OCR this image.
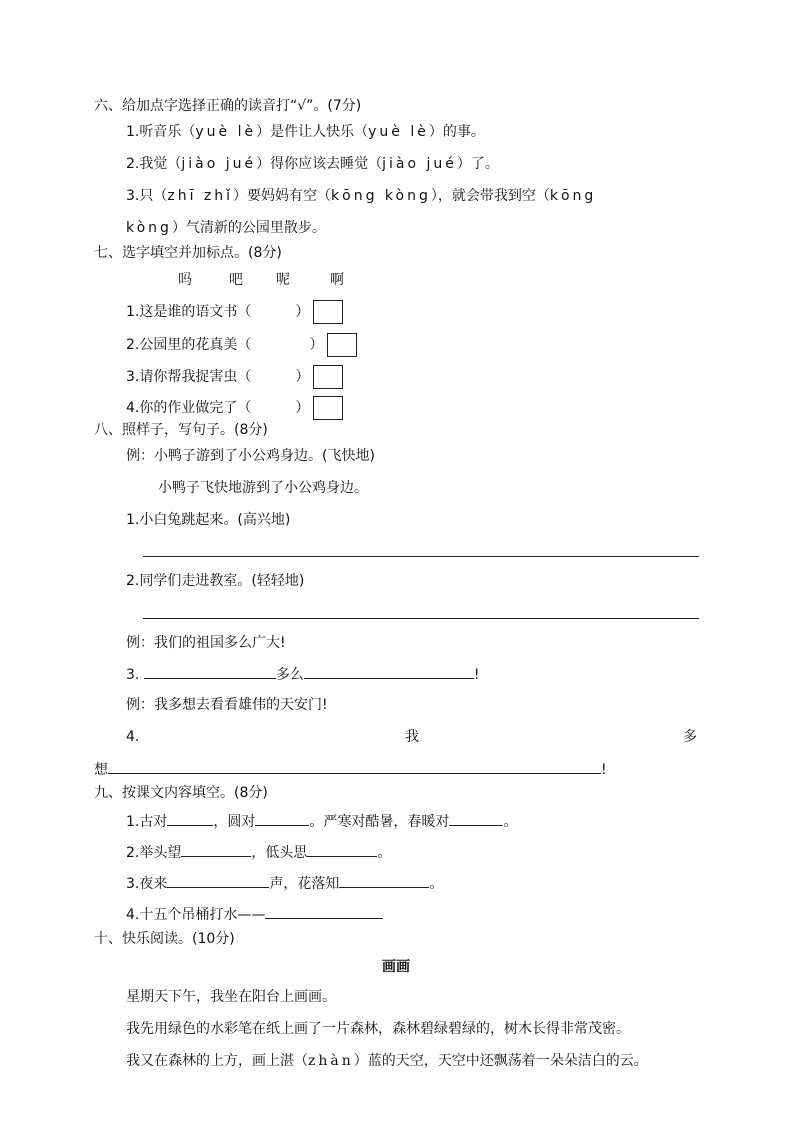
六、给加点字选择正确的读音打“√”。(7分)
1.听音乐（yuè lè）是件让人快乐（yuè lè）的事。
2.我觉（jiào jué）得你应该去睡觉（jiào jué）了。
3.只（zhī zhǐ）要妈妈有空（kōng kòng），就会带我到空（kōng
kòng）气清新的公园里散步。
七、选字填空并加标点。(8分)
吗	吧 呢	啊
1.这是谁的语文书（	）
2.公园里的花真美（	）
3.请你帮我捉害虫（	）
4.你的作业做完了（	）
八、照样子，写句子。(8分)
例：小鸭子游到了小公鸡身边。(飞快地)
小鸭子飞快地游到了小公鸡身边。
1.小白兔跳起来。(高兴地)
2.同学们走进教室。(轻轻地)
例：我们的祖国多么广大!
3.	多么	!
例：我多想去看看雄伟的天安门!
4.	我	多
想	!
九、按课文内容填空。(8分)
1.古对	，圆对	。严寒对酷暑，春暖对	。
2.举头望	，低头思	。
3.夜来	声，花落知	。
4.十五个吊桶打水——
十、快乐阅读。(10分)
画画
星期天下午，我坐在阳台上画画。
我先用绿色的水彩笔在纸上画了一片森林，森林碧绿碧绿的，树木长得非常茂密。
我又在森林的上方，画上湛（zhàn）蓝的天空，天空中还飘荡着一朵朵洁白的云。
